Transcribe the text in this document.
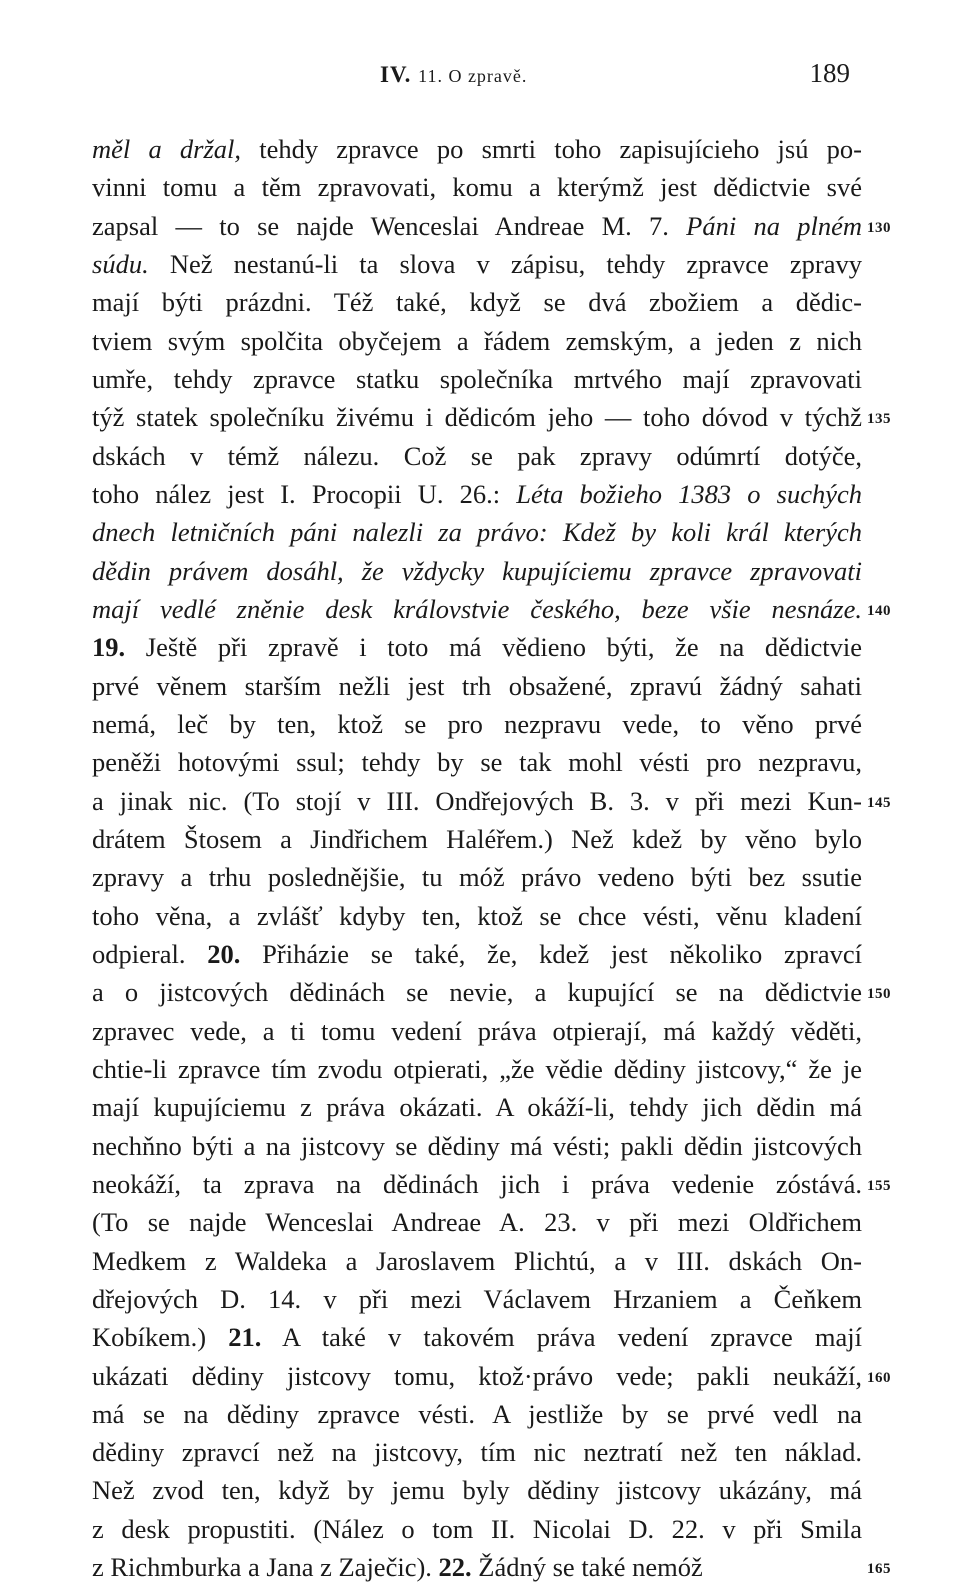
IV. 11. O zpravě.	189
měl a držal, tehdy zpravce po smrti toho zapisujícieho jsú po-
vinni tomu a těm zpravovati, komu a kterýmž jest dědictvie své
zapsal — to se najde Wenceslai Andreae M. 7. Páni na plném 130
súdu. Než nestanú-li ta slova v zápisu, tehdy zpravce zpravy
mají býti prázdni. Též také, když se dvá zbožiem a dědic-
tviem svým spolčita obyčejem a řádem zemským, a jeden z nich
umře, tehdy zpravce statku společníka mrtvého mají zpravovati
týž statek společníku živému i dědicóm jeho — toho dóvod v týchž 135
dskách v témž nálezu. Což se pak zpravy odúmrtí dotýče,
toho nález jest I. Procopii U. 26.: Léta božieho 1383 o suchých
dnech letničních páni nalezli za právo: Kdež by koli král kterých
dědin právem dosáhl, že vždycky kupujíciemu zpravce zpravovati
mají vedlé zněnie desk královstvie českého, beze všie nesnáze. 140
19. Ještě při zpravě i toto má vědieno býti, že na dědictvie
prvé věnem starším nežli jest trh obsažené, zpravú žádný sahati
nemá, leč by ten, ktož se pro nezpravu vede, to věno prvé
peněži hotovými ssul; tehdy by se tak mohl vésti pro nezpravu,
a jinak nic. (To stojí v III. Ondřejových B. 3. v při mezi Kun- 145
drátem Štosem a Jindřichem Haléřem.) Než kdež by věno bylo
zpravy a trhu poslednějšie, tu móž právo vedeno býti bez ssutie
toho věna, a zvlášť kdyby ten, ktož se chce vésti, věnu kladení
odpieral. 20. Přiházie se také, že, kdež jest několiko zpravcí
a o jistcových dědinách se nevie, a kupující se na dědictvie 150
zpravec vede, a ti tomu vedení práva otpierají, má každý věděti,
chtie-li zpravce tím zvodu otpierati, „že vědie dědiny jistcovy,“ že je
mají kupujíciemu z práva okázati. A okáží-li, tehdy jich dědin má
nechňno býti a na jistcovy se dědiny má vésti; pakli dědin jistcových
neokáží, ta zprava na dědinách jich i práva vedenie zóstává. 155
(To se najde Wenceslai Andreae A. 23. v při mezi Oldřichem
Medkem z Waldeka a Jaroslavem Plichtú, a v III. dskách On-
dřejových D. 14. v při mezi Václavem Hrzaniem a Čeňkem
Kobíkem.) 21. A také v takovém práva vedení zpravce mají
ukázati dědiny jistcovy tomu, ktož·právo vede; pakli neukáží, 160
má se na dědiny zpravce vésti. A jestližе by se prvé vedl na
dědiny zpravcí než na jistcovy, tím nic neztratí než ten náklad.
Než zvod ten, když by jemu byly dědiny jistcovy ukázány, má
z desk propustiti. (Nález o tom II. Nicolai D. 22. v při Smila
z Richmburka a Jana z Zaječic). 22. Žádný se také nemóž	165
